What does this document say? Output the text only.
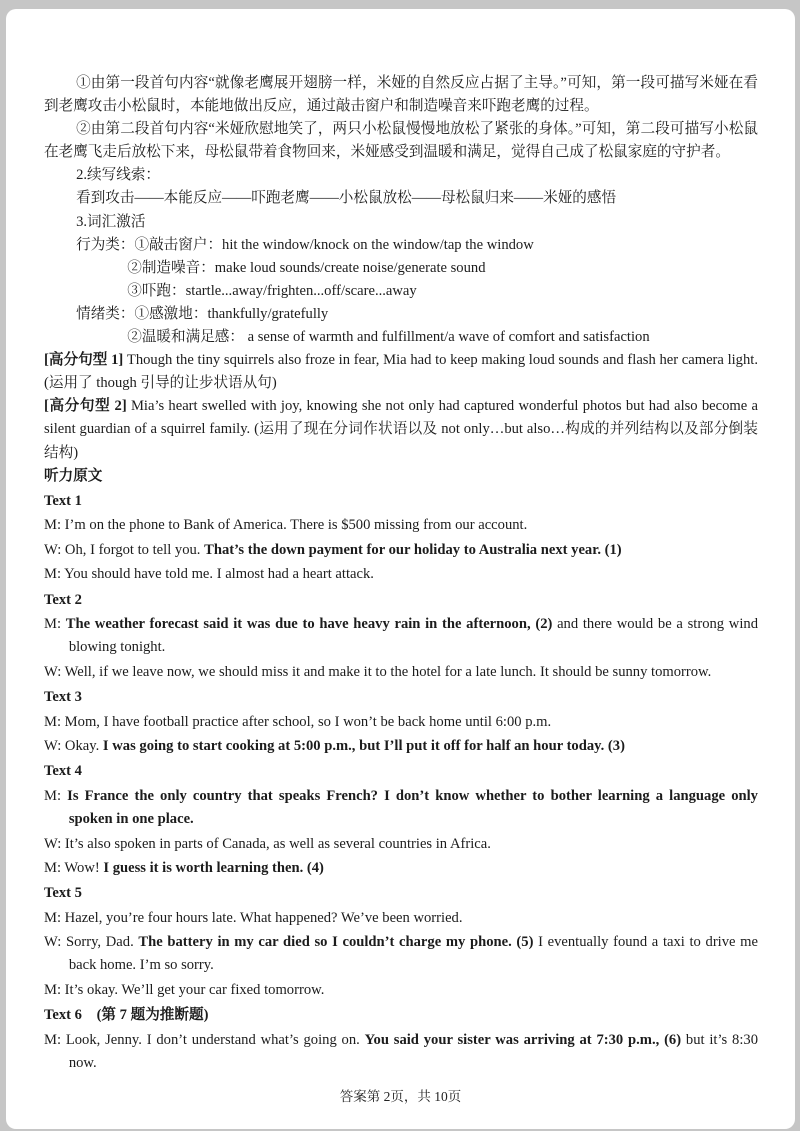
①由第一段首句内容“就像老鹰展开翅膀一样，米娅的自然反应占据了主导。”可知，第一段可描写米娅在看到老鹰攻击小松鼠时，本能地做出反应，通过敲击窗户和制造噪音来吓跑老鹰的过程。

②由第二段首句内容“米娅欣慰地笑了，两只小松鼠慢慢地放松了紧张的身体。”可知，第二段可描写小松鼠在老鹰飞走后放松下来，母松鼠带着食物回来，米娅感受到温暖和满足，觉得自己成了松鼠家庭的守护者。

2.续写线索：

看到攻击——本能反应——吓跑老鹰——小松鼠放松——母松鼠归来——米娅的感悟

3.词汇激活

行为类：①敲击窗户：hit the window/knock on the window/tap the window

②制造噪音：make loud sounds/create noise/generate sound

③吓跑：startle...away/frighten...off/scare...away

情绪类：①感激地：thankfully/gratefully

②温暖和满足感： a sense of warmth and fulfillment/a wave of comfort and satisfaction

[高分句型 1] Though the tiny squirrels also froze in fear, Mia had to keep making loud sounds and flash her camera light. (运用了 though 引导的让步状语从句)

[高分句型 2] Mia’s heart swelled with joy, knowing she not only had captured wonderful photos but had also become a silent guardian of a squirrel family. (运用了现在分词作状语以及 not only…but also…构成的并列结构以及部分倒装结构)

听力原文

Text 1

M: I’m on the phone to Bank of America. There is $500 missing from our account.

W: Oh, I forgot to tell you. That’s the down payment for our holiday to Australia next year. (1)

M: You should have told me. I almost had a heart attack.

Text 2

M: The weather forecast said it was due to have heavy rain in the afternoon, (2) and there would be a strong wind blowing tonight.

W: Well, if we leave now, we should miss it and make it to the hotel for a late lunch. It should be sunny tomorrow.

Text 3

M: Mom, I have football practice after school, so I won’t be back home until 6:00 p.m.

W: Okay. I was going to start cooking at 5:00 p.m., but I’ll put it off for half an hour today. (3)

Text 4

M: Is France the only country that speaks French? I don’t know whether to bother learning a language only spoken in one place.

W: It’s also spoken in parts of Canada, as well as several countries in Africa.

M: Wow! I guess it is worth learning then. (4)

Text 5

M: Hazel, you’re four hours late. What happened? We’ve been worried.

W: Sorry, Dad. The battery in my car died so I couldn’t charge my phone. (5) I eventually found a taxi to drive me back home. I’m so sorry.

M: It’s okay. We’ll get your car fixed tomorrow.

Text 6　(第 7 题为推断题)

M: Look, Jenny. I don’t understand what’s going on. You said your sister was arriving at 7:30 p.m., (6) but it’s 8:30 now.

答案第 2页，共 10页
